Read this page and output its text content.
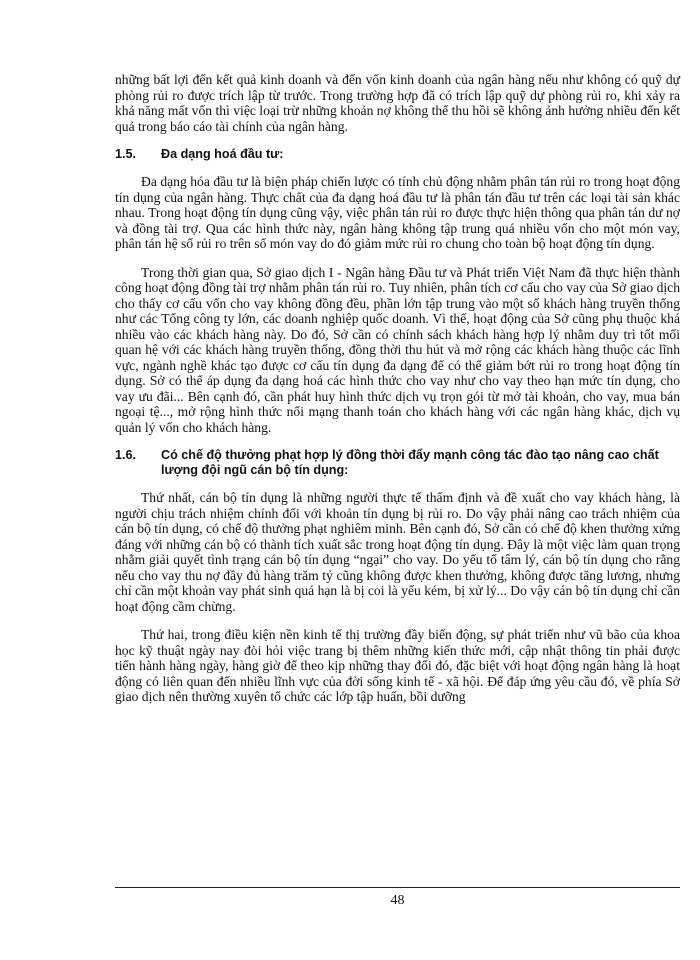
những bất lợi đến kết quả kinh doanh và đến vốn kinh doanh của ngân hàng nếu như không có quỹ dự phòng rủi ro được trích lập từ trước. Trong trường hợp đã có trích lập quỹ dự phòng rủi ro, khi xảy ra khả năng mất vốn thì việc loại trừ những khoản nợ không thể thu hồi sẽ không ảnh hưởng nhiều đến kết quả trong báo cáo tài chính của ngân hàng.

1.5.	Đa dạng hoá đầu tư:

Đa dạng hóa đầu tư là biện pháp chiến lược có tính chủ động nhằm phân tán rủi ro trong hoạt động tín dụng của ngân hàng. Thực chất của đa dạng hoá đầu tư là phân tán đầu tư trên các loại tài sản khác nhau. Trong hoạt động tín dụng cũng vậy, việc phân tán rủi ro được thực hiện thông qua phân tán dư nợ và đồng tài trợ. Qua các hình thức này, ngân hàng không tập trung quá nhiều vốn cho một món vay, phân tán hệ số rủi ro trên số món vay do đó giảm mức rủi ro chung cho toàn bộ hoạt động tín dụng.

Trong thời gian qua, Sở giao dịch I - Ngân hàng Đầu tư và Phát triển Việt Nam đã thực hiện thành công hoạt động đồng tài trợ nhằm phân tán rủi ro. Tuy nhiên, phân tích cơ cấu cho vay của Sở giao dịch cho thấy cơ cấu vốn cho vay không đồng đều, phần lớn tập trung vào một số khách hàng truyền thống như các Tổng công ty lớn, các doanh nghiệp quốc doanh. Vì thế, hoạt động của Sở cũng phụ thuộc khá nhiều vào các khách hàng này. Do đó, Sở cần có chính sách khách hàng hợp lý nhằm duy trì tốt mối quan hệ với các khách hàng truyền thống, đồng thời thu hút và mở rộng các khách hàng thuộc các lĩnh vực, ngành nghề khác tạo được cơ cấu tín dụng đa dạng để có thể giảm bớt rủi ro trong hoạt động tín dụng. Sở có thể áp dụng đa dạng hoá các hình thức cho vay như cho vay theo hạn mức tín dụng, cho vay ưu đãi... Bên cạnh đó, cần phát huy hình thức dịch vụ trọn gói từ mở tài khoản, cho vay, mua bán ngoại tệ..., mở rộng hình thức nối mạng thanh toán cho khách hàng với các ngân hàng khác, dịch vụ quản lý vốn cho khách hàng.

1.6.	Có chế độ thưởng phạt hợp lý đồng thời đẩy mạnh công tác đào tạo nâng cao chất lượng đội ngũ cán bộ tín dụng:

Thứ nhất, cán bộ tín dụng là những người thực tế thẩm định và đề xuất cho vay khách hàng, là người chịu trách nhiệm chính đối với khoản tín dụng bị rủi ro. Do vậy phải nâng cao trách nhiệm của cán bộ tín dụng, có chế độ thưởng phạt nghiêm minh. Bên cạnh đó, Sở cần có chế độ khen thưởng xứng đáng với những cán bộ có thành tích xuất sắc trong hoạt động tín dụng. Đây là một việc làm quan trọng nhằm giải quyết tình trạng cán bộ tín dụng “ngại” cho vay. Do yếu tố tâm lý, cán bộ tín dụng cho rằng nếu cho vay thu nợ đầy đủ hàng trăm tỷ cũng không được khen thưởng, không được tăng lương, nhưng chỉ cần một khoản vay phát sinh quá hạn là bị coi là yếu kém, bị xử lý... Do vậy cán bộ tín dụng chỉ cần hoạt động cầm chừng.

Thứ hai, trong điều kiện nền kinh tế thị trường đầy biến động, sự phát triển như vũ bão của khoa học kỹ thuật ngày nay đòi hỏi việc trang bị thêm những kiến thức mới, cập nhật thông tin phải được tiến hành hàng ngày, hàng giờ để theo kịp những thay đổi đó, đặc biệt với hoạt động ngân hàng là hoạt động có liên quan đến nhiều lĩnh vực của đời sống kinh tế - xã hội. Để đáp ứng yêu cầu đó, về phía Sở giao dịch nên thường xuyên tổ chức các lớp tập huấn, bồi dưỡng

48
